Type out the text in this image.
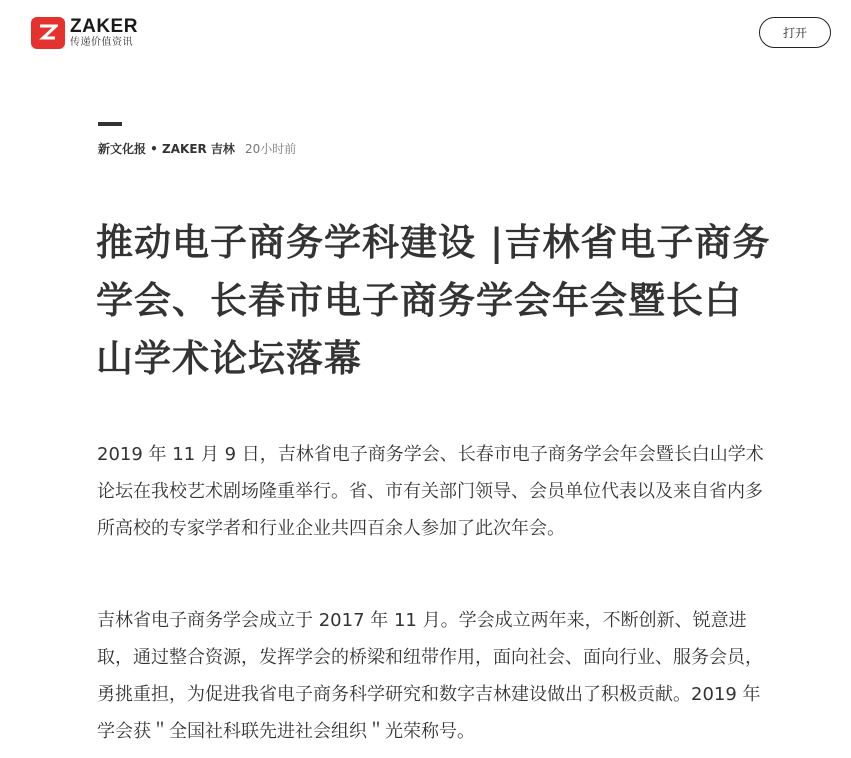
ZAKER
传递价值资讯
打开
新文化报 • ZAKER 吉林 20小时前
推动电子商务学科建设 |吉林省电子商务学会、长春市电子商务学会年会暨长白山学术论坛落幕

2019 年 11 月 9 日，吉林省电子商务学会、长春市电子商务学会年会暨长白山学术论坛在我校艺术剧场隆重举行。省、市有关部门领导、会员单位代表以及来自省内多所高校的专家学者和行业企业共四百余人参加了此次年会。

吉林省电子商务学会成立于 2017 年 11 月。学会成立两年来，不断创新、锐意进取，通过整合资源，发挥学会的桥梁和纽带作用，面向社会、面向行业、服务会员，勇挑重担，为促进我省电子商务科学研究和数字吉林建设做出了积极贡献。2019 年学会获＂全国社科联先进社会组织＂光荣称号。
